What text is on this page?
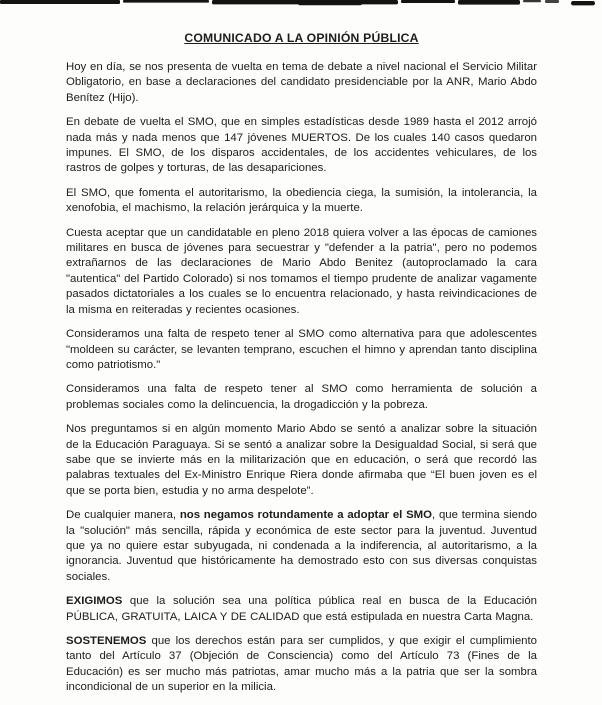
COMUNICADO A LA OPINIÓN PÚBLICA

Hoy en día, se nos presenta de vuelta en tema de debate a nivel nacional el Servicio Militar Obligatorio, en base a declaraciones del candidato presidenciable por la ANR, Mario Abdo Benítez (Hijo).

En debate de vuelta el SMO, que en simples estadísticas desde 1989 hasta el 2012 arrojó nada más y nada menos que 147 jóvenes MUERTOS. De los cuales 140 casos quedaron impunes. El SMO, de los disparos accidentales, de los accidentes vehiculares, de los rastros de golpes y torturas, de las desapariciones.

El SMO, que fomenta el autoritarismo, la obediencia ciega, la sumisión, la intolerancia, la xenofobia, el machismo, la relación jerárquica y la muerte.

Cuesta aceptar que un candidatable en pleno 2018 quiera volver a las épocas de camiones militares en busca de jóvenes para secuestrar y "defender a la patria", pero no podemos extrañarnos de las declaraciones de Mario Abdo Benitez (autoproclamado la cara "autentica" del Partido Colorado) si nos tomamos el tiempo prudente de analizar vagamente pasados dictatoriales a los cuales se lo encuentra relacionado, y hasta reivindicaciones de la misma en reiteradas y recientes ocasiones.

Consideramos una falta de respeto tener al SMO como alternativa para que adolescentes "moldeen su carácter, se levanten temprano, escuchen el himno y aprendan tanto disciplina como patriotismo."

Consideramos una falta de respeto tener al SMO como herramienta de solución a problemas sociales como la delincuencia, la drogadicción y la pobreza.

Nos preguntamos si en algún momento Mario Abdo se sentó a analizar sobre la situación de la Educación Paraguaya. Si se sentó a analizar sobre la Desigualdad Social, si será que sabe que se invierte más en la militarización que en educación, o será que recordó las palabras textuales del Ex-Ministro Enrique Riera donde afirmaba que “El buen joven es el que se porta bien, estudia y no arma despelote”.

De cualquier manera, nos negamos rotundamente a adoptar el SMO, que termina siendo la "solución" más sencilla, rápida y económica de este sector para la juventud. Juventud que ya no quiere estar subyugada, ni condenada a la indiferencia, al autoritarismo, a la ignorancia. Juventud que históricamente ha demostrado esto con sus diversas conquistas sociales.

EXIGIMOS que la solución sea una política pública real en busca de la Educación PÚBLICA, GRATUITA, LAICA Y DE CALIDAD que está estipulada en nuestra Carta Magna.

SOSTENEMOS que los derechos están para ser cumplidos, y que exigir el cumplimiento tanto del Artículo 37 (Objeción de Consciencia) como del Artículo 73 (Fines de la Educación) es ser mucho más patriotas, amar mucho más a la patria que ser la sombra incondicional de un superior en la milicia.
